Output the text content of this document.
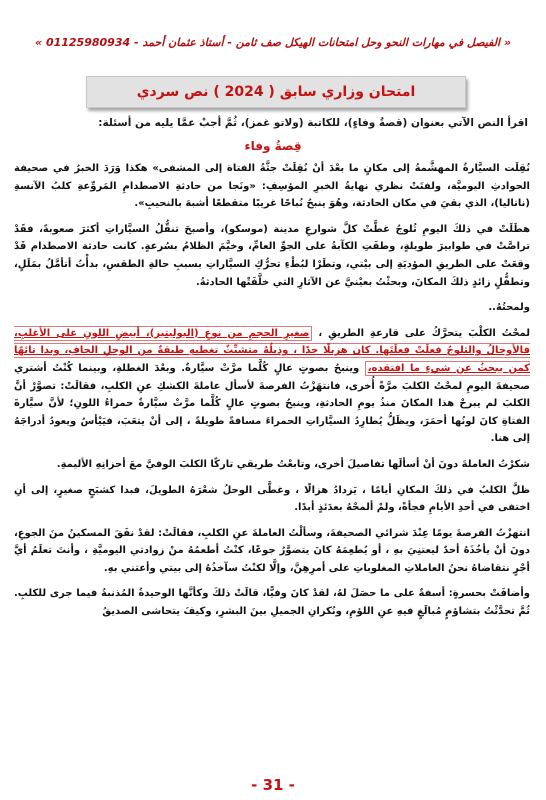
« الفيصل في مهارات النحو وحل امتحانات الهيكل صف ثامن - أستاذ عثمان أحمد - 01125980934 »
امتحان وزاري سابق ( 2024 ) نص سردي
اقرأ النص الآتي بعنوان (قصةُ وفاءٍ)، للكاتبة (ولاتو غمز)، ثُمَّ أجبْ عمَّا يليه من أسئلة:
قِصةُ وفاء

نُقِلَت السيَّارةُ المهشَّمةُ إلى مكانٍ ما بعْدَ أنْ نُقِلَتْ جثَّةُ الفتاة إلى المشفى» هكذا وَرَدَ الخبرُ في صحيفة الحوادثِ اليوميَّة، ولفتَتْ نظري نهايةُ الخبرِ المؤسِفِ: «ونَجا من حادثةِ الاصطدامِ المَروِّعةِ كلبُ الآنسةِ (ناتاليا)، الذي بقيَ في مكان الحادثة، وهُوَ ينبحُ نُباحًا غريبًا متقطعًا أشبهَ بالنحيبِ».

هطَلَتْ في ذلكَ اليومِ ثُلوجُ غطَّتْ كلَّ شوارعِ مدينة (موسكو)، وأصبحَ تنقُّلُ السيَّاراتِ أكثرَ صعوبةً، فقَدْ تراصَّتْ في طوابيرَ طويلةٍ، وطفَتِ الكآبةُ على الجوِّ العامِّ، وخيَّمَ الظلامُ بسُرعةٍ. كانت حادثة الاصطدام قَدْ وقعَتْ على الطريقِ المؤديَةِ إلى بيْتي، وتطَرْا لبُطْءِ تحرُّكِ السيَّاراتِ بسببِ حالةِ الطقسِ، بدأْتُ أتأمَّلُ بمَلَلٍ، وتطفُّلٍ زائدٍ ذلكَ المكانَ، وبحثْتُ بعيْنيَّ عن الآثارِ التي خلَّفَتْها الحادثةُ.

ولمحتُهُ..

لمحْتُ الكلْبَ يتحرَّكُ على قارعةِ الطريقِ ، صغيرِ الحجمِ من نوعِ (البوليتيز)، أبيضِ اللونِ على الأغلبِ، فالأوحالُ والثلوجُ فعلَتْ فعلَتَها. كان هزيلًا جدًا ، وذيلُهُ متشبِّثٌ تغطيهِ طبقةٌ من الوحلِ الجافِ، وبدا تائهًا كمن يبحثُ عن شيءٍ ما افتقده، وينبحُ بصوتٍ عالٍ كُلَّما مرَّتْ سيَّارةٌ. وبعْدَ الغطلةِ، وبينما كُنْتُ أشتري صحيفةَ اليومِ لمحْتُ الكلبَ مرَّةً أُخرى، فانتهَزْتُ الفرصةَ لأسأل عاملةَ الكشكِ عنِ الكلبِ، فقالَتْ: تصوَّرْ أنَّ الكلبَ لم يبرحْ هذا المكانَ منذُ يومِ الحادثةِ، وينبحُ بصوتٍ عالٍ كُلَّما مرَّتْ سيَّارةٌ حمراءُ اللونِ؛ لأنَّ سيَّارةَ الفتاةِ كانَ لونُها أحمَرَ، ويظَلُّ يُطارِدُ السيَّاراتِ الحمراءَ مسافةً طويلةً ، إلى أنْ يتعَبَ، فيَيْأسُ ويعودُ أدراجَهُ إلى هنا.

شكرْتُ العاملةَ دونَ أنْ أسألَها تفاصيلَ أخرى، وتابعْتُ طريقي تاركًا الكلبَ الوفيَّ معَ أحزانِهِ الأليمةِ.

ظلَّ الكلبُ في ذلكَ المكانِ أيامًا ، يَزدادُ هزالًا ، وغطَّى الوحلُ شعْرَهُ الطويلَ، فبدا كشبَحٍ صغيرٍ، إلى أنِ اختفى في أحدِ الأيامِ فجأةً، ولمْ ألمحْهُ بعدَئذٍ أبدًا.

انتهزْتُ الفرصةَ يومًا عِنْدَ شرائي الصحيفةَ، وسألْتُ العاملةَ عنِ الكلبِ، فقالَتْ: لقدْ نفَقَ المسكينُ منَ الجوعِ، دونَ أنْ يأخُذَهُ أحدٌ ليعتنِيَ بهِ ، أو يُطعِمَهُ كانَ يتضوَّرُ جوعًا، كنْتُ أطعمُهُ منْ زوادتي اليوميَّةِ ، وأنتَ تعلَمُ أيَّ أجْرٍ نتقاضاهُ نحنُ العاملاتِ المغلوباتِ على أمرِهِنَّ، وإلَّا لكنْتُ سآخذُهُ إلى بيتي وأعتني بهِ.

وأضافَتْ بحسرةٍ: أسفةٌ على ما حصَلَ لهُ، لقدْ كانَ وفيًّا، قالَتْ ذلكَ وكأنَّها الوحيدةُ المُذنبةُ فيما جرى للكلبِ. ثُمَّ تحدَّثْتُ بتشاؤمٍ مُبالَغٍ فيهِ عنِ اللؤمِ، ونُكرانِ الجميلِ بينَ البشرِ، وكيفَ يتحاشى الصديقُ

- 31 -
